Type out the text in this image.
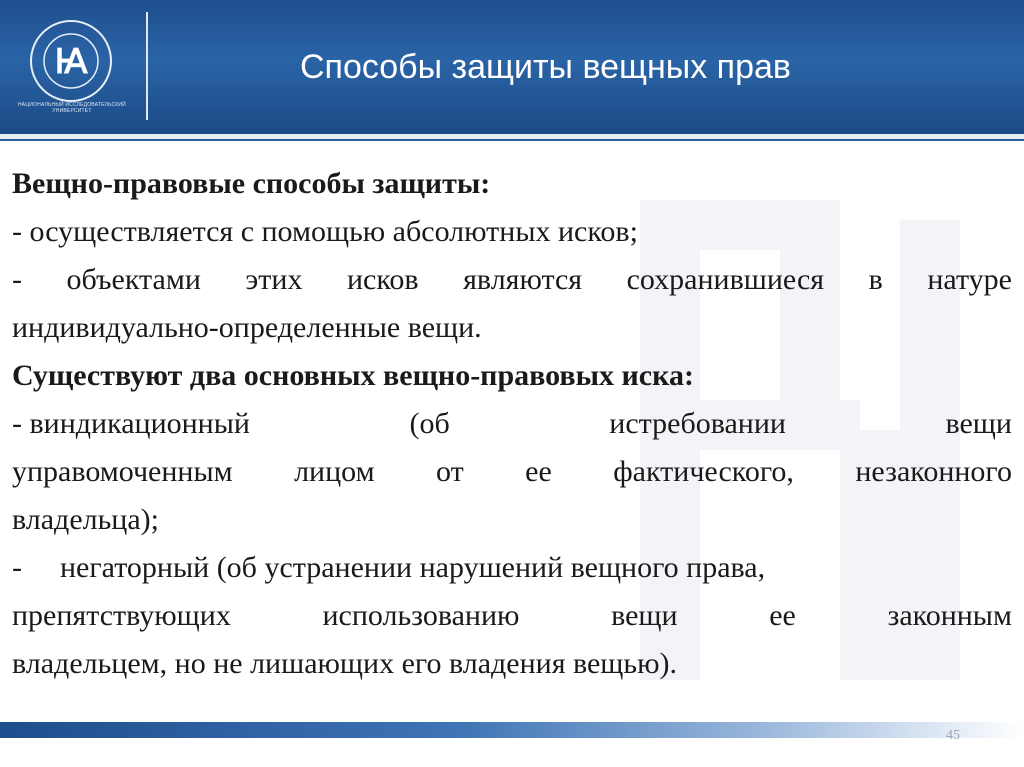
Ꙗ
НАЦИОНАЛЬНЫЙ ИССЛЕДОВАТЕЛЬСКИЙ УНИВЕРСИТЕТ
Способы защиты вещных прав
Вещно-правовые способы защиты:
- осуществляется с помощью абсолютных исков;
- объектами этих исков являются сохранившиеся в натуре
индивидуально-определенные вещи.
Существуют два основных вещно-правовых иска:
- виндикационный	(об	истребовании	вещи
управомоченным лицом от ее фактического, незаконного
владельца);
- негаторный (об устранении нарушений вещного права,
препятствующих	использованию	вещи	ее	законным
владельцем, но не лишающих его владения вещью).
45
